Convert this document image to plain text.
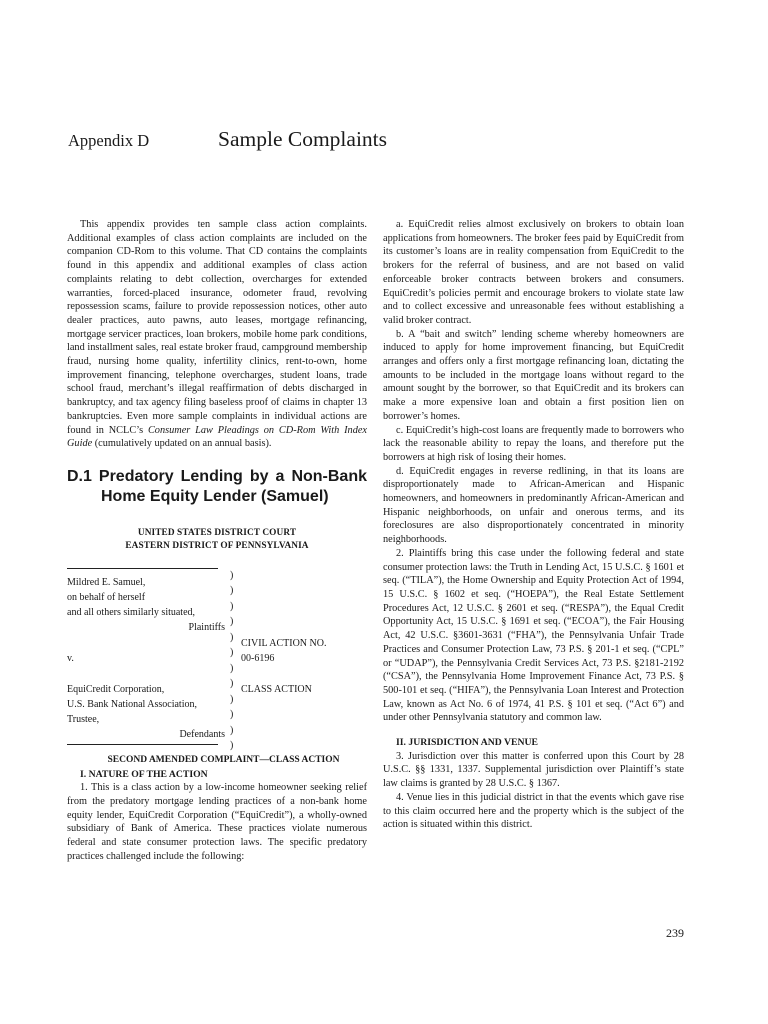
Appendix D	Sample Complaints

This appendix provides ten sample class action complaints. Additional examples of class action complaints are included on the companion CD-Rom to this volume. That CD contains the complaints found in this appendix and additional examples of class action complaints relating to debt collection, overcharges for extended warranties, forced-placed insurance, odometer fraud, revolving repossession scams, failure to provide repossession notices, other auto dealer practices, auto pawns, auto leases, mortgage refinancing, mortgage servicer practices, loan brokers, mobile home park conditions, land installment sales, real estate broker fraud, campground membership fraud, nursing home quality, infertility clinics, rent-to-own, home improvement financing, telephone overcharges, student loans, trade school fraud, merchant’s illegal reaffirmation of debts discharged in bankruptcy, and tax agency filing baseless proof of claims in chapter 13 bankruptcies. Even more sample complaints in individual actions are found in NCLC’s Consumer Law Pleadings on CD-Rom With Index Guide (cumulatively updated on an annual basis).

D.1 Predatory Lending by a Non-Bank Home Equity Lender (Samuel)
UNITED STATES DISTRICT COURT
EASTERN DISTRICT OF PENNSYLVANIA
)
)
)
)
)
)
)
)
)
)
)
)
Mildred E. Samuel,
on behalf of herself
and all others similarly situated,
Plaintiffs
v.
EquiCredit Corporation,
U.S. Bank National Association,
Trustee,
Defendants
CIVIL ACTION NO.
00-6196
CLASS ACTION

SECOND AMENDED COMPLAINT—CLASS ACTION

I. NATURE OF THE ACTION

1. This is a class action by a low-income homeowner seeking relief from the predatory mortgage lending practices of a non-bank home equity lender, EquiCredit Corporation (“EquiCredit”), a wholly-owned subsidiary of Bank of America. These practices violate numerous federal and state consumer protection laws. The specific predatory practices challenged include the following:

a. EquiCredit relies almost exclusively on brokers to obtain loan applications from homeowners. The broker fees paid by EquiCredit from its customer’s loans are in reality compensation from EquiCredit to the brokers for the referral of business, and are not based on valid enforceable broker contracts between brokers and consumers. EquiCredit’s policies permit and encourage brokers to violate state law and to collect excessive and unreasonable fees without establishing a valid broker contract.

b. A “bait and switch” lending scheme whereby homeowners are induced to apply for home improvement financing, but EquiCredit arranges and offers only a first mortgage refinancing loan, dictating the amounts to be included in the mortgage loans without regard to the amount sought by the borrower, so that EquiCredit and its brokers can make a more expensive loan and obtain a first position lien on borrower’s homes.

c. EquiCredit’s high-cost loans are frequently made to borrowers who lack the reasonable ability to repay the loans, and therefore put the borrowers at high risk of losing their homes.

d. EquiCredit engages in reverse redlining, in that its loans are disproportionately made to African-American and Hispanic homeowners, and homeowners in predominantly African-American and Hispanic neighborhoods, on unfair and onerous terms, and its foreclosures are also disproportionately concentrated in minority neighborhoods.

2. Plaintiffs bring this case under the following federal and state consumer protection laws: the Truth in Lending Act, 15 U.S.C. § 1601 et seq. (“TILA”), the Home Ownership and Equity Protection Act of 1994, 15 U.S.C. § 1602 et seq. (“HOEPA”), the Real Estate Settlement Procedures Act, 12 U.S.C. § 2601 et seq. (“RESPA”), the Equal Credit Opportunity Act, 15 U.S.C. § 1691 et seq. (“ECOA”), the Fair Housing Act, 42 U.S.C. §3601-3631 (“FHA”), the Pennsylvania Unfair Trade Practices and Consumer Protection Law, 73 P.S. § 201-1 et seq. (“CPL” or “UDAP”), the Pennsylvania Credit Services Act, 73 P.S. §2181-2192 (“CSA”), the Pennsylvania Home Improvement Finance Act, 73 P.S. § 500-101 et seq. (“HIFA”), the Pennsylvania Loan Interest and Protection Law, known as Act No. 6 of 1974, 41 P.S. § 101 et seq. (“Act 6”) and under other Pennsylvania statutory and common law.

II. JURISDICTION AND VENUE

3. Jurisdiction over this matter is conferred upon this Court by 28 U.S.C. §§ 1331, 1337. Supplemental jurisdiction over Plaintiff’s state law claims is granted by 28 U.S.C. § 1367.

4. Venue lies in this judicial district in that the events which gave rise to this claim occurred here and the property which is the subject of the action is situated within this district.

239
